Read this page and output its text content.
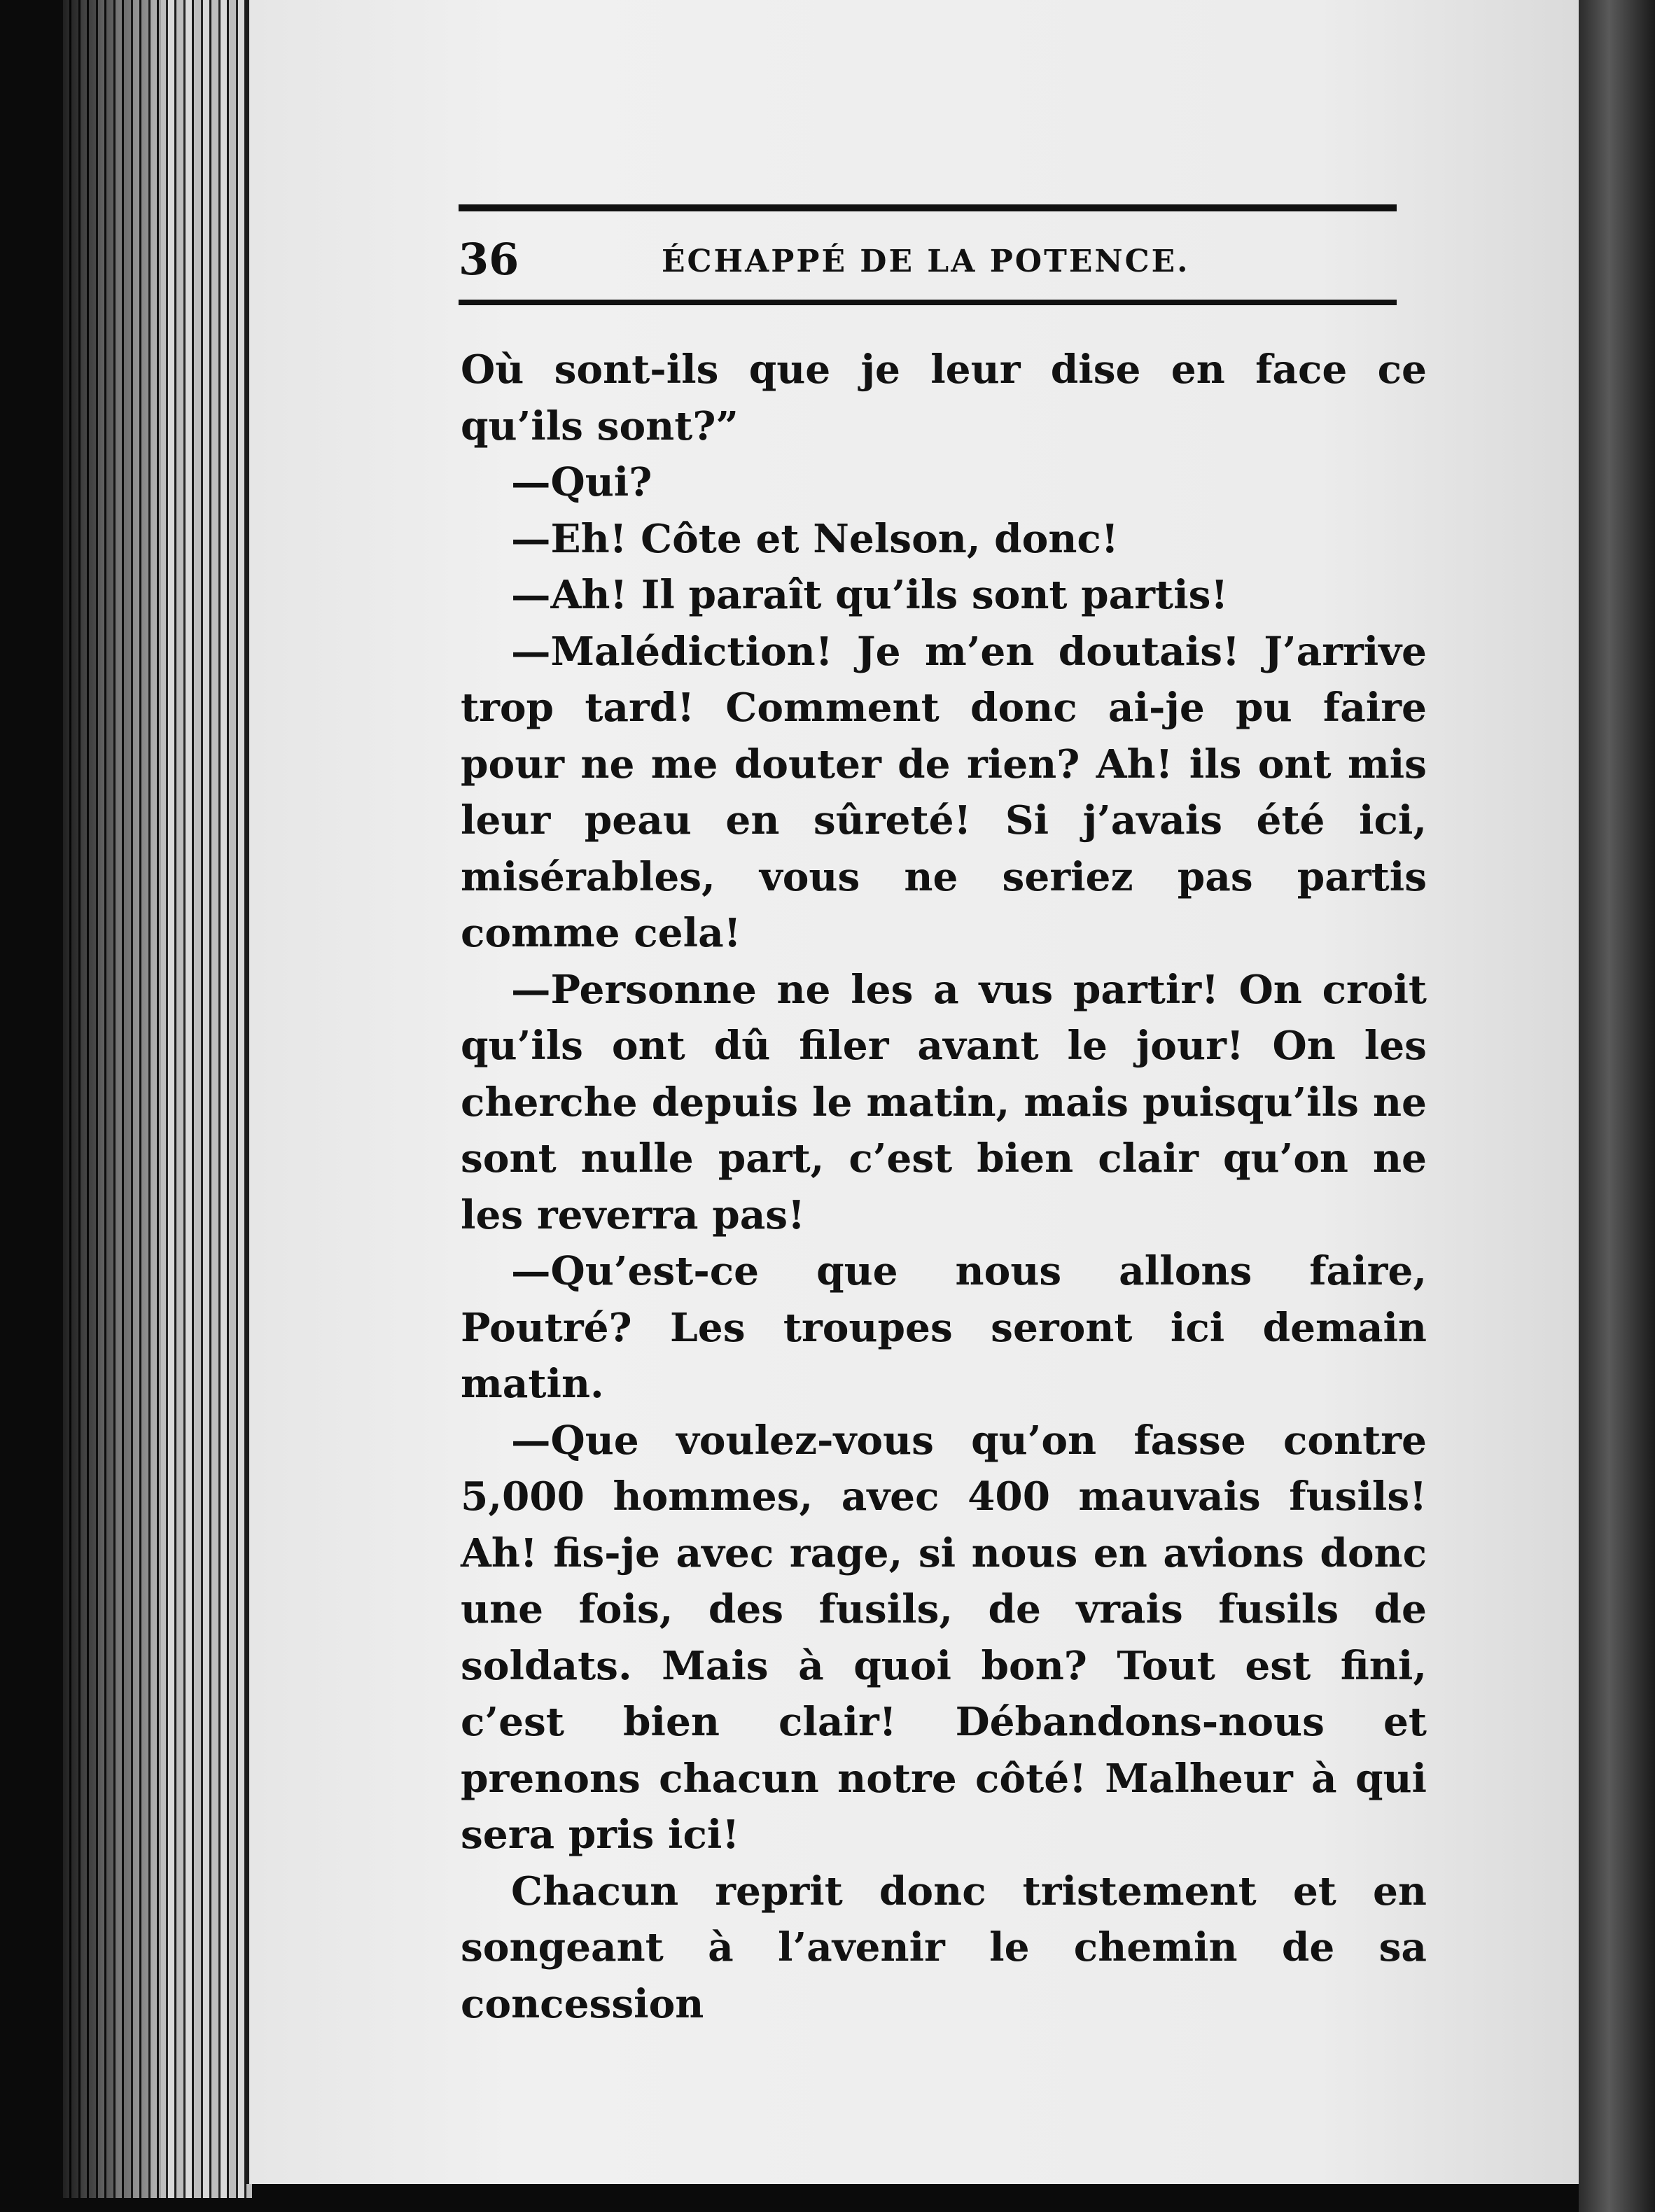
36	ÉCHAPPÉ DE LA POTENCE.

Où sont-ils que je leur dise en face ce qu’ils sont?”

—Qui?

—Eh! Côte et Nelson, donc!

—Ah! Il paraît qu’ils sont partis!

—Malédiction! Je m’en doutais! J’arrive trop tard! Comment donc ai-je pu faire pour ne me douter de rien? Ah! ils ont mis leur peau en sûreté! Si j’avais été ici, misérables, vous ne seriez pas partis comme cela!

—Personne ne les a vus partir! On croit qu’ils ont dû filer avant le jour! On les cherche depuis le matin, mais puisqu’ils ne sont nulle part, c’est bien clair qu’on ne les reverra pas!

—Qu’est-ce que nous allons faire, Poutré? Les troupes seront ici demain matin.

—Que voulez-vous qu’on fasse contre 5,000 hommes, avec 400 mauvais fusils! Ah! fis-je avec rage, si nous en avions donc une fois, des fusils, de vrais fusils de soldats. Mais à quoi bon? Tout est fini, c’est bien clair! Débandons-nous et prenons chacun notre côté! Malheur à qui sera pris ici!

Chacun reprit donc tristement et en songeant à l’avenir le chemin de sa concession
